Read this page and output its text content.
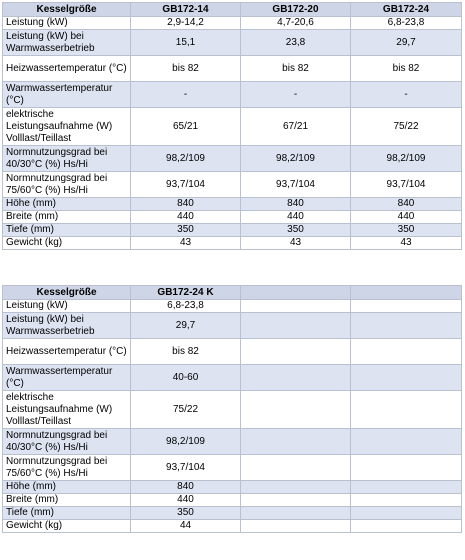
Kesselgröße	GB172-14	GB172-20	GB172-24
Leistung (kW)	2,9-14,2	4,7-20,6	6,8-23,8
Leistung (kW) bei Warmwasserbetrieb	15,1	23,8	29,7
Heizwassertemperatur (°C)	bis 82	bis 82	bis 82
Warmwassertemperatur (°C)	-	-	-
elektrische Leistungsaufnahme (W) Volllast/Teillast	65/21	67/21	75/22
Normnutzungsgrad bei 40/30°C (%) Hs/Hi	98,2/109	98,2/109	98,2/109
Normnutzungsgrad bei 75/60°C (%) Hs/Hi	93,7/104	93,7/104	93,7/104
Höhe (mm)	840	840	840
Breite (mm)	440	440	440
Tiefe (mm)	350	350	350
Gewicht (kg)	43	43	43
Kesselgröße	GB172-24 K		
Leistung (kW)	6,8-23,8		
Leistung (kW) bei Warmwasserbetrieb	29,7		
Heizwassertemperatur (°C)	bis 82		
Warmwassertemperatur (°C)	40-60		
elektrische Leistungsaufnahme (W) Volllast/Teillast	75/22		
Normnutzungsgrad bei 40/30°C (%) Hs/Hi	98,2/109		
Normnutzungsgrad bei 75/60°C (%) Hs/Hi	93,7/104		
Höhe (mm)	840		
Breite (mm)	440		
Tiefe (mm)	350		
Gewicht (kg)	44		
